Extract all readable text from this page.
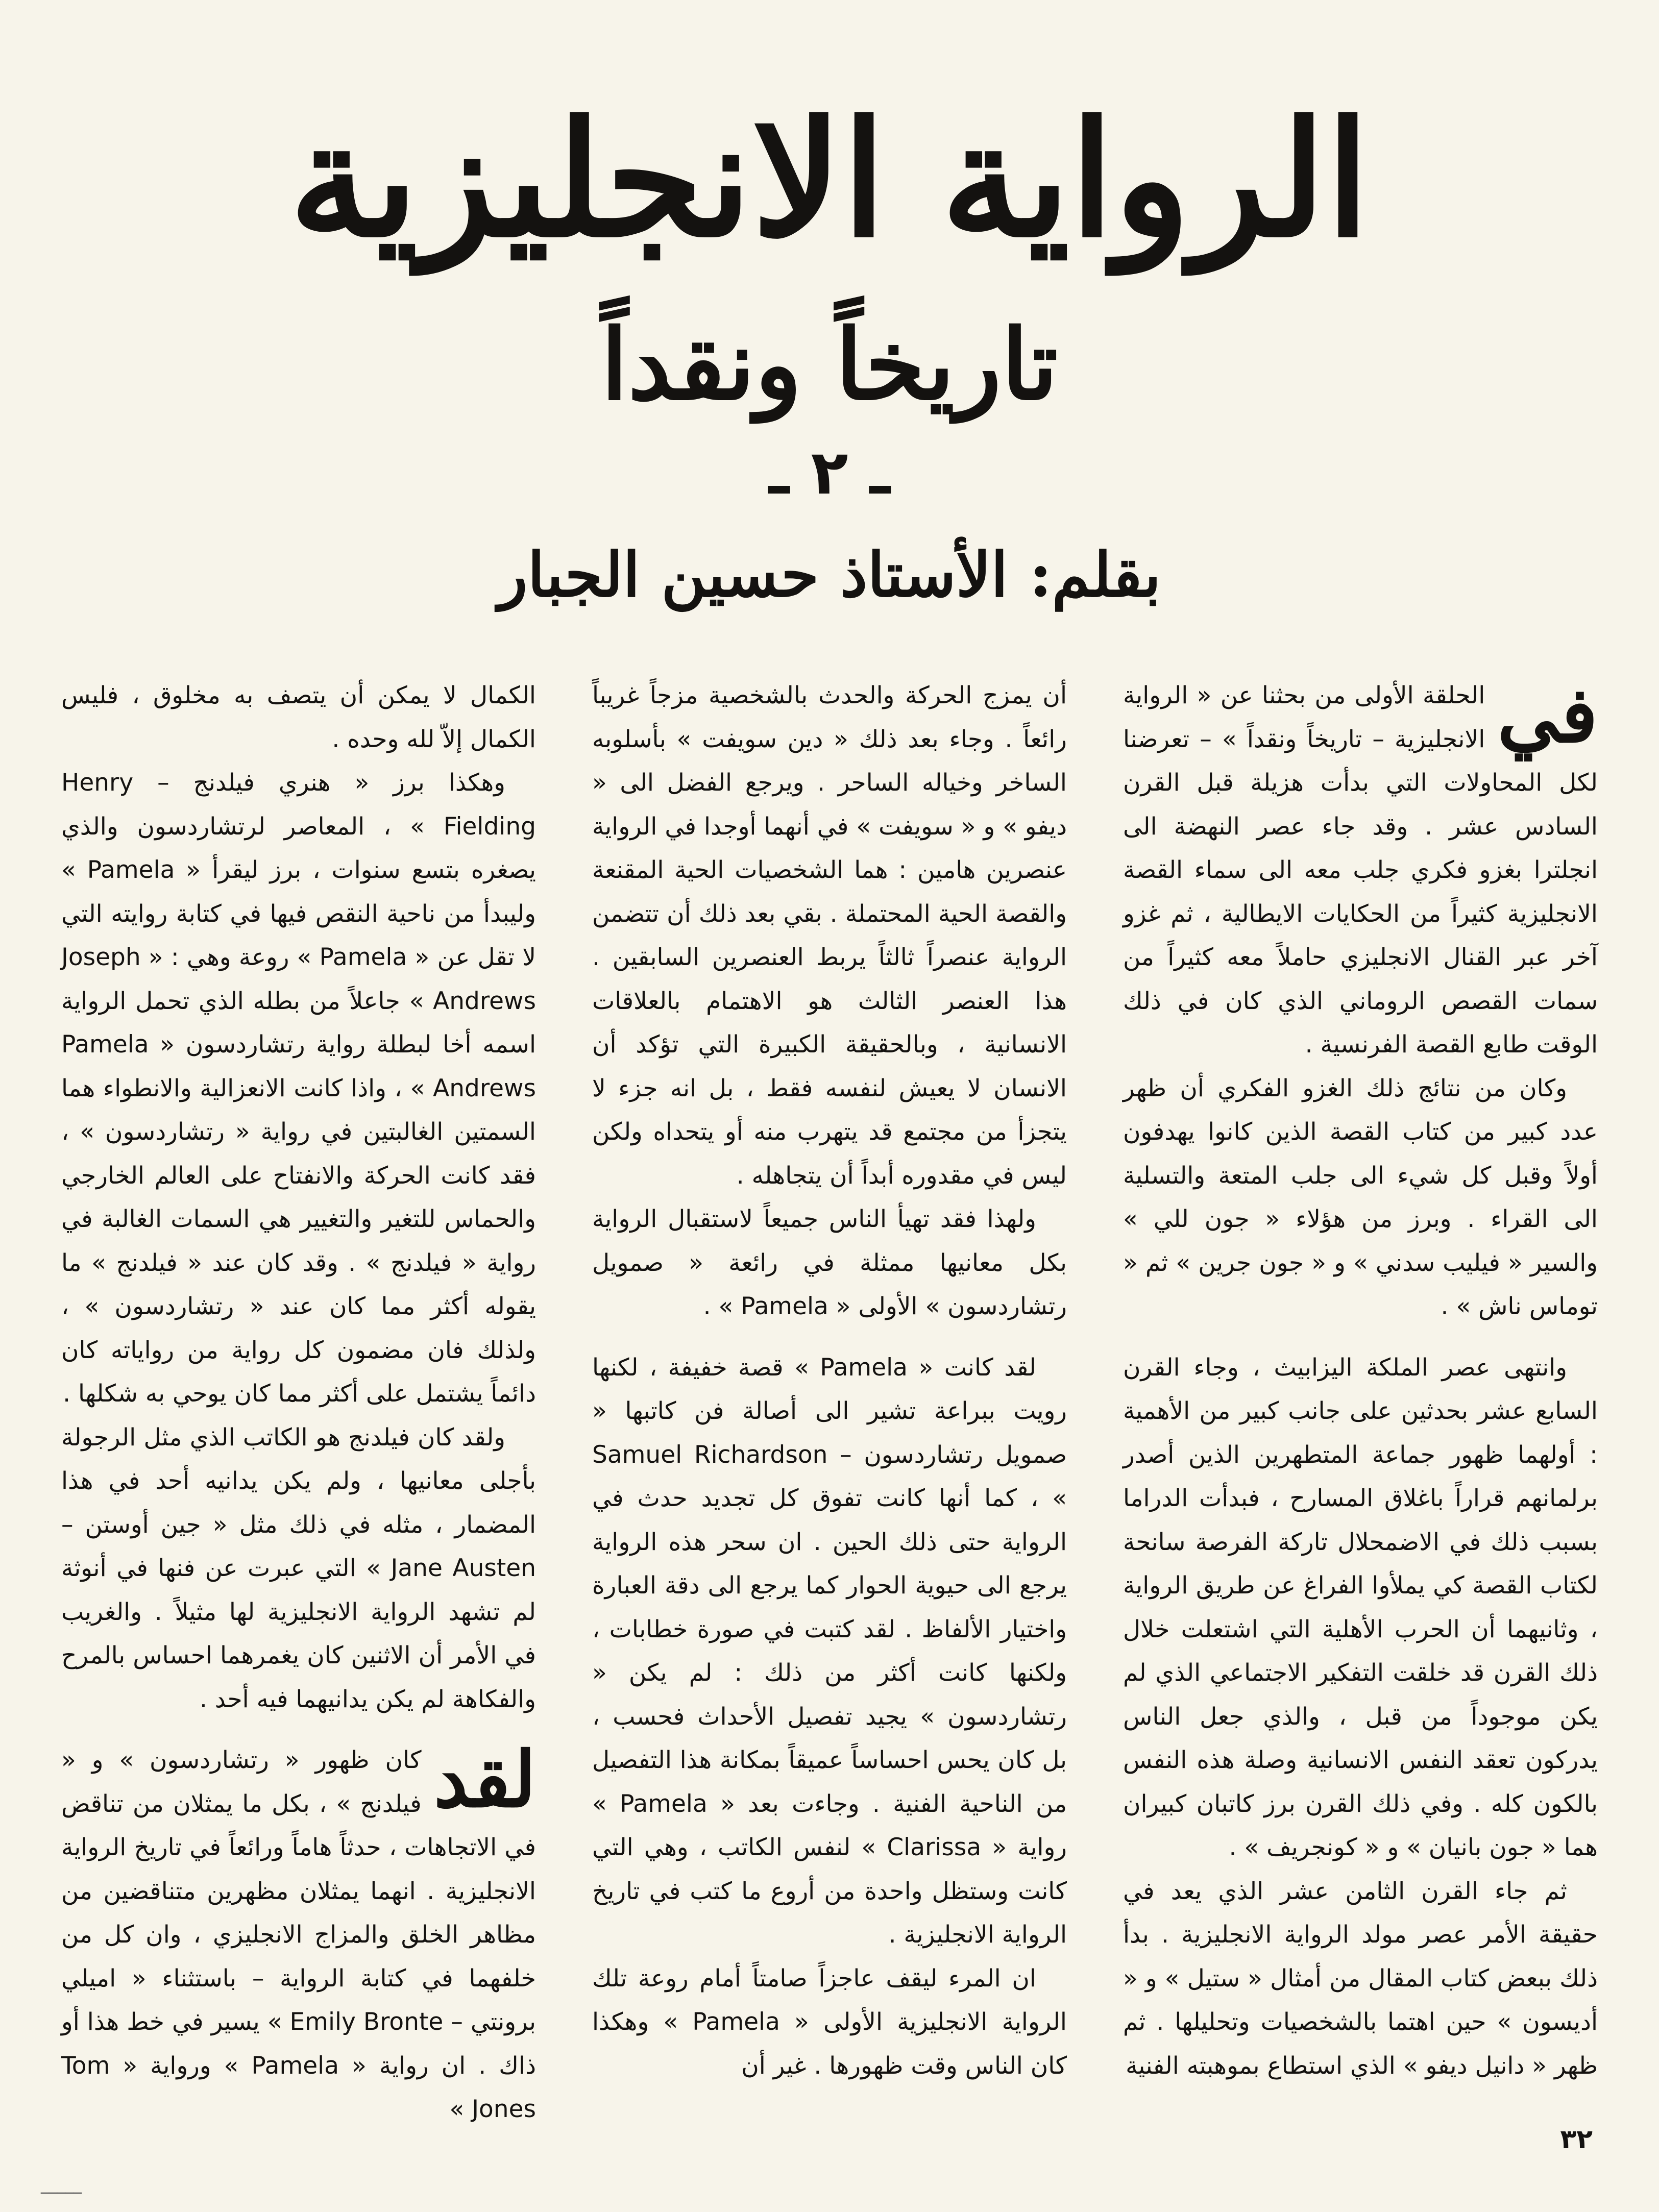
الرواية الانجليزية
تاريخاً ونقداً
ـ ٢ ـ
بقلم: الأستاذ حسين الجبار
في

الحلقة الأولى من بحثنا عن « الرواية الانجليزية – تاريخاً ونقداً » – تعرضنا لكل المحاولات التي بدأت هزيلة قبل القرن السادس عشر . وقد جاء عصر النهضة الى انجلترا بغزو فكري جلب معه الى سماء القصة الانجليزية كثيراً من الحكايات الايطالية ، ثم غزو آخر عبر القنال الانجليزي حاملاً معه كثيراً من سمات القصص الروماني الذي كان في ذلك الوقت طابع القصة الفرنسية .

وكان من نتائج ذلك الغزو الفكري أن ظهر عدد كبير من كتاب القصة الذين كانوا يهدفون أولاً وقبل كل شيء الى جلب المتعة والتسلية الى القراء . وبرز من هؤلاء « جون للي » والسير « فيليب سدني » و « جون جرين » ثم « توماس ناش » .

وانتهى عصر الملكة اليزابيث ، وجاء القرن السابع عشر بحدثين على جانب كبير من الأهمية : أولهما ظهور جماعة المتطهرين الذين أصدر برلمانهم قراراً باغلاق المسارح ، فبدأت الدراما بسبب ذلك في الاضمحلال تاركة الفرصة سانحة لكتاب القصة كي يملأوا الفراغ عن طريق الرواية ، وثانيهما أن الحرب الأهلية التي اشتعلت خلال ذلك القرن قد خلقت التفكير الاجتماعي الذي لم يكن موجوداً من قبل ، والذي جعل الناس يدركون تعقد النفس الانسانية وصلة هذه النفس بالكون كله . وفي ذلك القرن برز كاتبان كبيران هما « جون بانيان » و « كونجريف » .

ثم جاء القرن الثامن عشر الذي يعد في حقيقة الأمر عصر مولد الرواية الانجليزية . بدأ ذلك ببعض كتاب المقال من أمثال « ستيل » و « أديسون » حين اهتما بالشخصيات وتحليلها . ثم ظهر « دانيل ديفو » الذي استطاع بموهبته الفنية

أن يمزج الحركة والحدث بالشخصية مزجاً غريباً رائعاً . وجاء بعد ذلك « دين سويفت » بأسلوبه الساخر وخياله الساحر . ويرجع الفضل الى « ديفو » و « سويفت » في أنهما أوجدا في الرواية عنصرين هامين : هما الشخصيات الحية المقنعة والقصة الحية المحتملة . بقي بعد ذلك أن تتضمن الرواية عنصراً ثالثاً يربط العنصرين السابقين . هذا العنصر الثالث هو الاهتمام بالعلاقات الانسانية ، وبالحقيقة الكبيرة التي تؤكد أن الانسان لا يعيش لنفسه فقط ، بل انه جزء لا يتجزأ من مجتمع قد يتهرب منه أو يتحداه ولكن ليس في مقدوره أبداً أن يتجاهله .

ولهذا فقد تهيأ الناس جميعاً لاستقبال الرواية بكل معانيها ممثلة في رائعة « صمويل رتشاردسون » الأولى « Pamela » .

لقد كانت « Pamela » قصة خفيفة ، لكنها رويت ببراعة تشير الى أصالة فن كاتبها « صمويل رتشاردسون – Samuel Richardson » ، كما أنها كانت تفوق كل تجديد حدث في الرواية حتى ذلك الحين . ان سحر هذه الرواية يرجع الى حيوية الحوار كما يرجع الى دقة العبارة واختيار الألفاظ . لقد كتبت في صورة خطابات ، ولكنها كانت أكثر من ذلك : لم يكن « رتشاردسون » يجيد تفصيل الأحداث فحسب ، بل كان يحس احساساً عميقاً بمكانة هذا التفصيل من الناحية الفنية . وجاءت بعد « Pamela » رواية « Clarissa » لنفس الكاتب ، وهي التي كانت وستظل واحدة من أروع ما كتب في تاريخ الرواية الانجليزية .

ان المرء ليقف عاجزاً صامتاً أمام روعة تلك الرواية الانجليزية الأولى « Pamela » وهكذا كان الناس وقت ظهورها . غير أن

الكمال لا يمكن أن يتصف به مخلوق ، فليس الكمال إلاّ لله وحده .

وهكذا برز « هنري فيلدنج – Henry Fielding » ، المعاصر لرتشاردسون والذي يصغره بتسع سنوات ، برز ليقرأ « Pamela » وليبدأ من ناحية النقص فيها في كتابة روايته التي لا تقل عن « Pamela » روعة وهي : « Joseph Andrews » جاعلاً من بطله الذي تحمل الرواية اسمه أخا لبطلة رواية رتشاردسون « Pamela Andrews » ، واذا كانت الانعزالية والانطواء هما السمتين الغالبتين في رواية « رتشاردسون » ، فقد كانت الحركة والانفتاح على العالم الخارجي والحماس للتغير والتغيير هي السمات الغالبة في رواية « فيلدنج » . وقد كان عند « فيلدنج » ما يقوله أكثر مما كان عند « رتشاردسون » ، ولذلك فان مضمون كل رواية من رواياته كان دائماً يشتمل على أكثر مما كان يوحي به شكلها .

ولقد كان فيلدنج هو الكاتب الذي مثل الرجولة بأجلى معانيها ، ولم يكن يدانيه أحد في هذا المضمار ، مثله في ذلك مثل « جين أوستن – Jane Austen » التي عبرت عن فنها في أنوثة لم تشهد الرواية الانجليزية لها مثيلاً . والغريب في الأمر أن الاثنين كان يغمرهما احساس بالمرح والفكاهة لم يكن يدانيهما فيه أحد .

لقد
كان ظهور « رتشاردسون » و « فيلدنج » ، بكل ما يمثلان من تناقض في الاتجاهات ، حدثاً هاماً ورائعاً في تاريخ الرواية الانجليزية . انهما يمثلان مظهرين متناقضين من مظاهر الخلق والمزاج الانجليزي ، وان كل من خلفهما في كتابة الرواية – باستثناء « اميلي برونتي – Emily Bronte » يسير في خط هذا أو ذاك . ان رواية « Pamela » ورواية « Tom Jones »

٣٢
‾‾‾‾‾
